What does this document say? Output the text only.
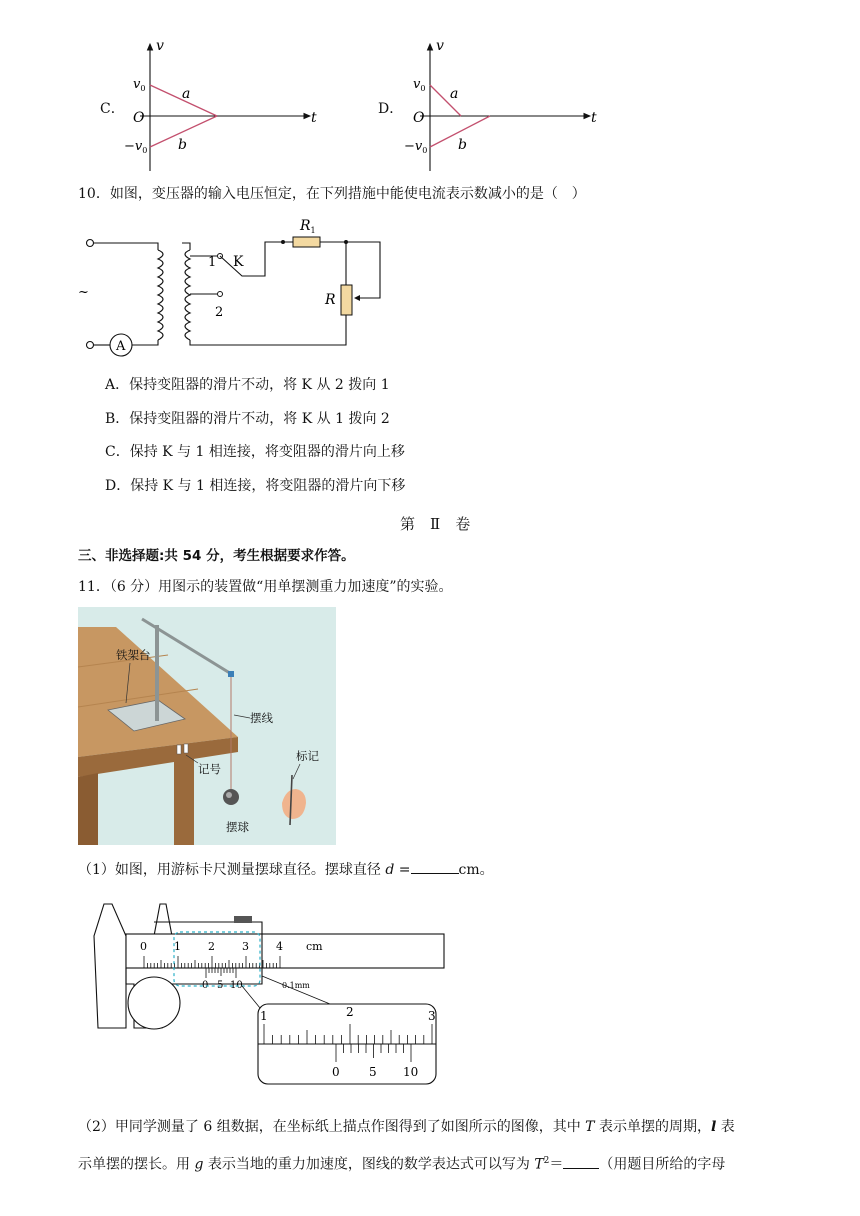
C．
v
t
$v_0$
O
$-v_0$
a
b
D．
v
t
$v_0$
O
$-v_0$
a
b
10．如图，变压器的输入电压恒定，在下列措施中能使电流表示数减小的是（　）
A
~
1
2
K
$R_1$
R
A．保持变阻器的滑片不动，将 K 从 2 拨向 1
B．保持变阻器的滑片不动，将 K 从 1 拨向 2
C．保持 K 与 1 相连接，将变阻器的滑片向上移
D．保持 K 与 1 相连接，将变阻器的滑片向下移
第　Ⅱ　卷
三、非选择题:共 54 分，考生根据要求作答。
11．（6 分）用图示的装置做“用单摆测重力加速度”的实验。
铁架台
摆线
记号
摆球
标记
（1）如图，用游标卡尺测量摆球直径。摆球直径 d =	cm。
0 1 2 3 4 cm
0 5 10	0.1mm
1	2	3
0 5 10
（2）甲同学测量了 6 组数据，在坐标纸上描点作图得到了如图所示的图像，其中 T 表示单摆的周期，l 表
示单摆的摆长。用 g 表示当地的重力加速度，图线的数学表达式可以写为 $T^2=$	（用题目所给的字母
